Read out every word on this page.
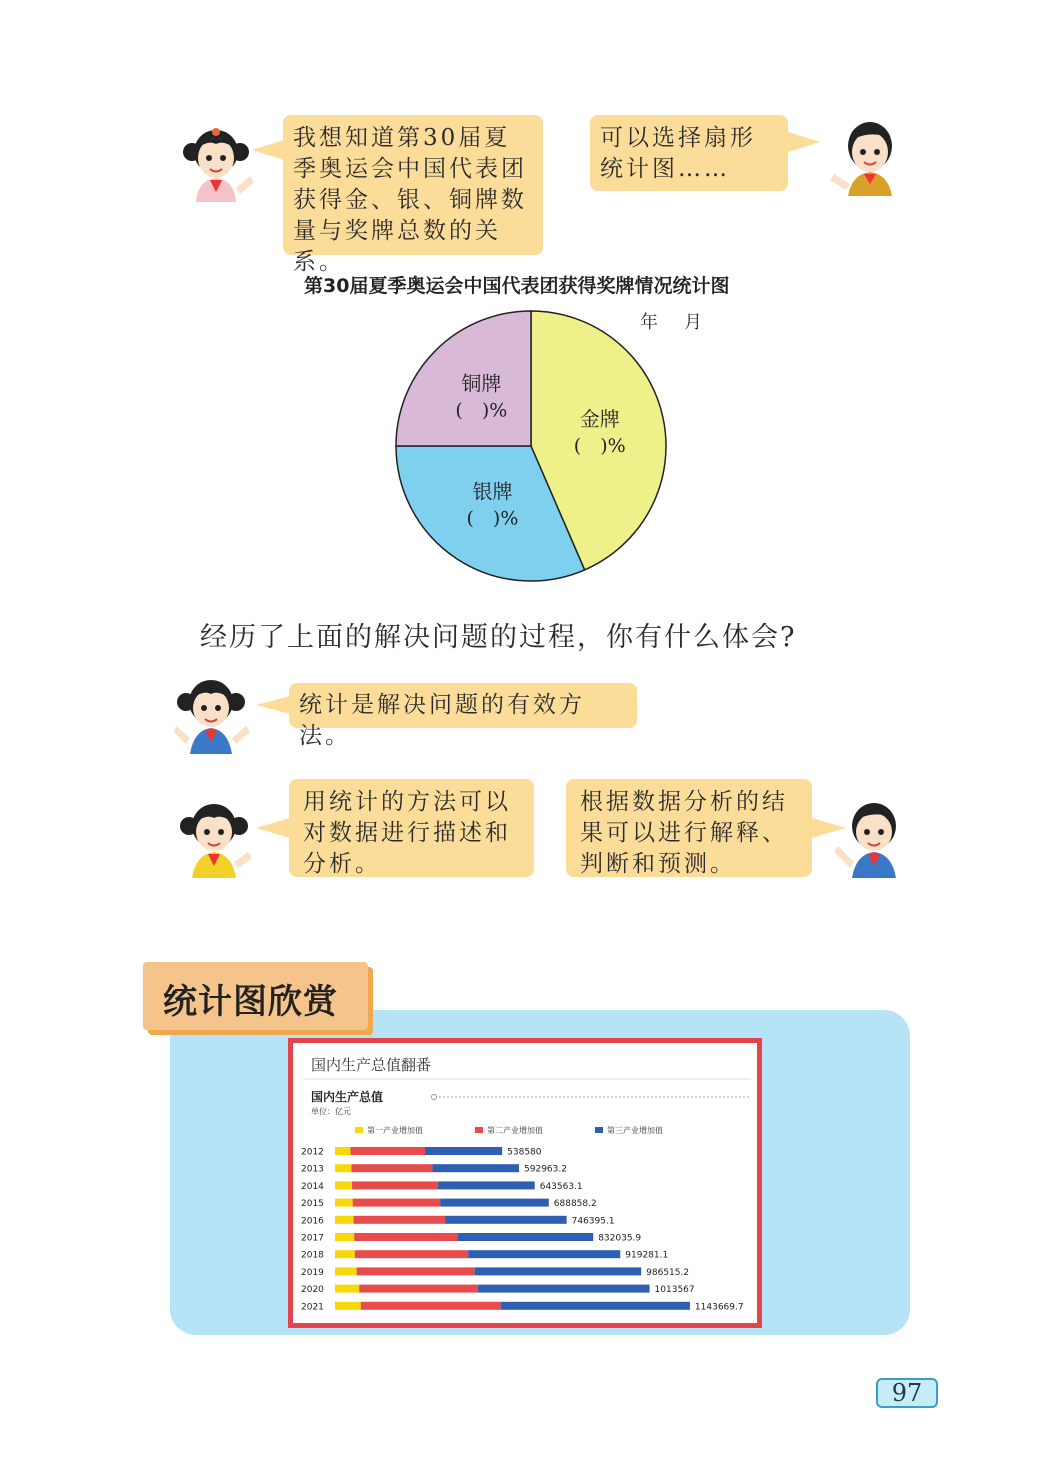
我想知道第30届夏季奥运会中国代表团获得金、银、铜牌数量与奖牌总数的关系。
可以选择扇形统计图……
第30届夏季奥运会中国代表团获得奖牌情况统计图
年　月
金牌
(　)%
银牌
(　)%
铜牌
(　)%
经历了上面的解决问题的过程，你有什么体会?
统计是解决问题的有效方法。
用统计的方法可以对数据进行描述和分析。
根据数据分析的结果可以进行解释、判断和预测。
统计图欣赏
国内生产总值翻番
国内生产总值
单位：亿元
第一产业增加值	第二产业增加值	第三产业增加值
2012	538580
2013	592963.2
2014	643563.1
2015	688858.2
2016	746395.1
2017	832035.9
2018	919281.1
2019	986515.2
2020	1013567
2021	1143669.7
97
